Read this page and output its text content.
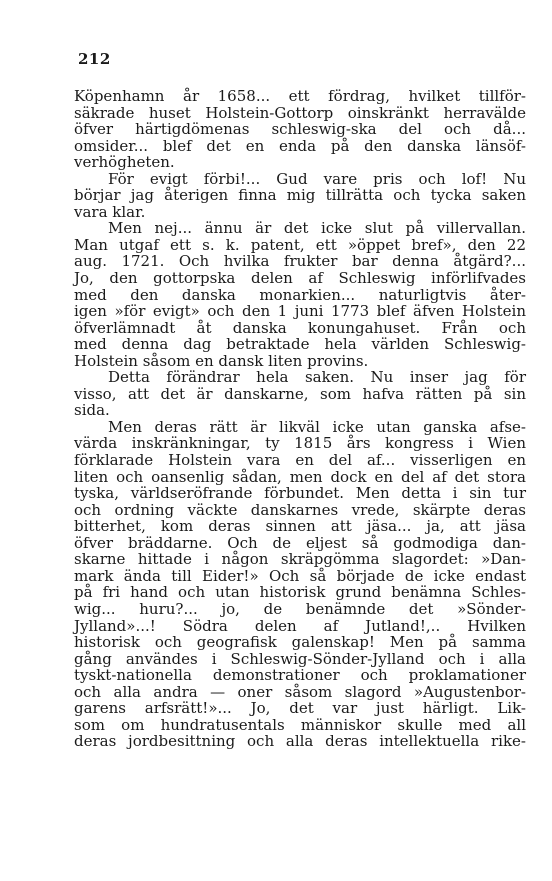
212
Köpenhamn år 1658... ett fördrag, hvilket tillför-
säkrade huset Holstein-Gottorp oinskränkt herravälde
öfver härtigdömenas schleswig-ska del och då...
omsider... blef det en enda på den danska länsöf-
verhögheten.
För evigt förbi!... Gud vare pris och lof! Nu
börjar jag återigen finna mig tillrätta och tycka saken
vara klar.
Men nej... ännu är det icke slut på villervallan.
Man utgaf ett s. k. patent, ett »öppet bref», den 22
aug. 1721. Och hvilka frukter bar denna åtgärd?...
Jo, den gottorpska delen af Schleswig införlifvades
med den danska monarkien... naturligtvis åter-
igen »för evigt» och den 1 juni 1773 blef äfven Holstein
öfverlämnadt åt danska konungahuset. Från och
med denna dag betraktade hela världen Schleswig-
Holstein såsom en dansk liten provins.
Detta förändrar hela saken. Nu inser jag för
visso, att det är danskarne, som hafva rätten på sin
sida.
Men deras rätt är likväl icke utan ganska afse-
värda inskränkningar, ty 1815 års kongress i Wien
förklarade Holstein vara en del af... visserligen en
liten och oansenlig sådan, men dock en del af det stora
tyska, världseröfrande förbundet. Men detta i sin tur
och ordning väckte danskarnes vrede, skärpte deras
bitterhet, kom deras sinnen att jäsa... ja, att jäsa
öfver bräddarne. Och de eljest så godmodiga dan-
skarne hittade i någon skräpgömma slagordet: »Dan-
mark ända till Eider!» Och så började de icke endast
på fri hand och utan historisk grund benämna Schles-
wig... huru?... jo, de benämnde det »Sönder-
Jylland»...! Södra delen af Jutland!,.. Hvilken
historisk och geografisk galenskap! Men på samma
gång användes i Schleswig-Sönder-Jylland och i alla
tyskt-nationella demonstrationer och proklamationer
och alla andra — oner såsom slagord »Augustenbor-
garens arfsrätt!»... Jo, det var just härligt. Lik-
som om hundratusentals människor skulle med all
deras jordbesittning och alla deras intellektuella rike-
